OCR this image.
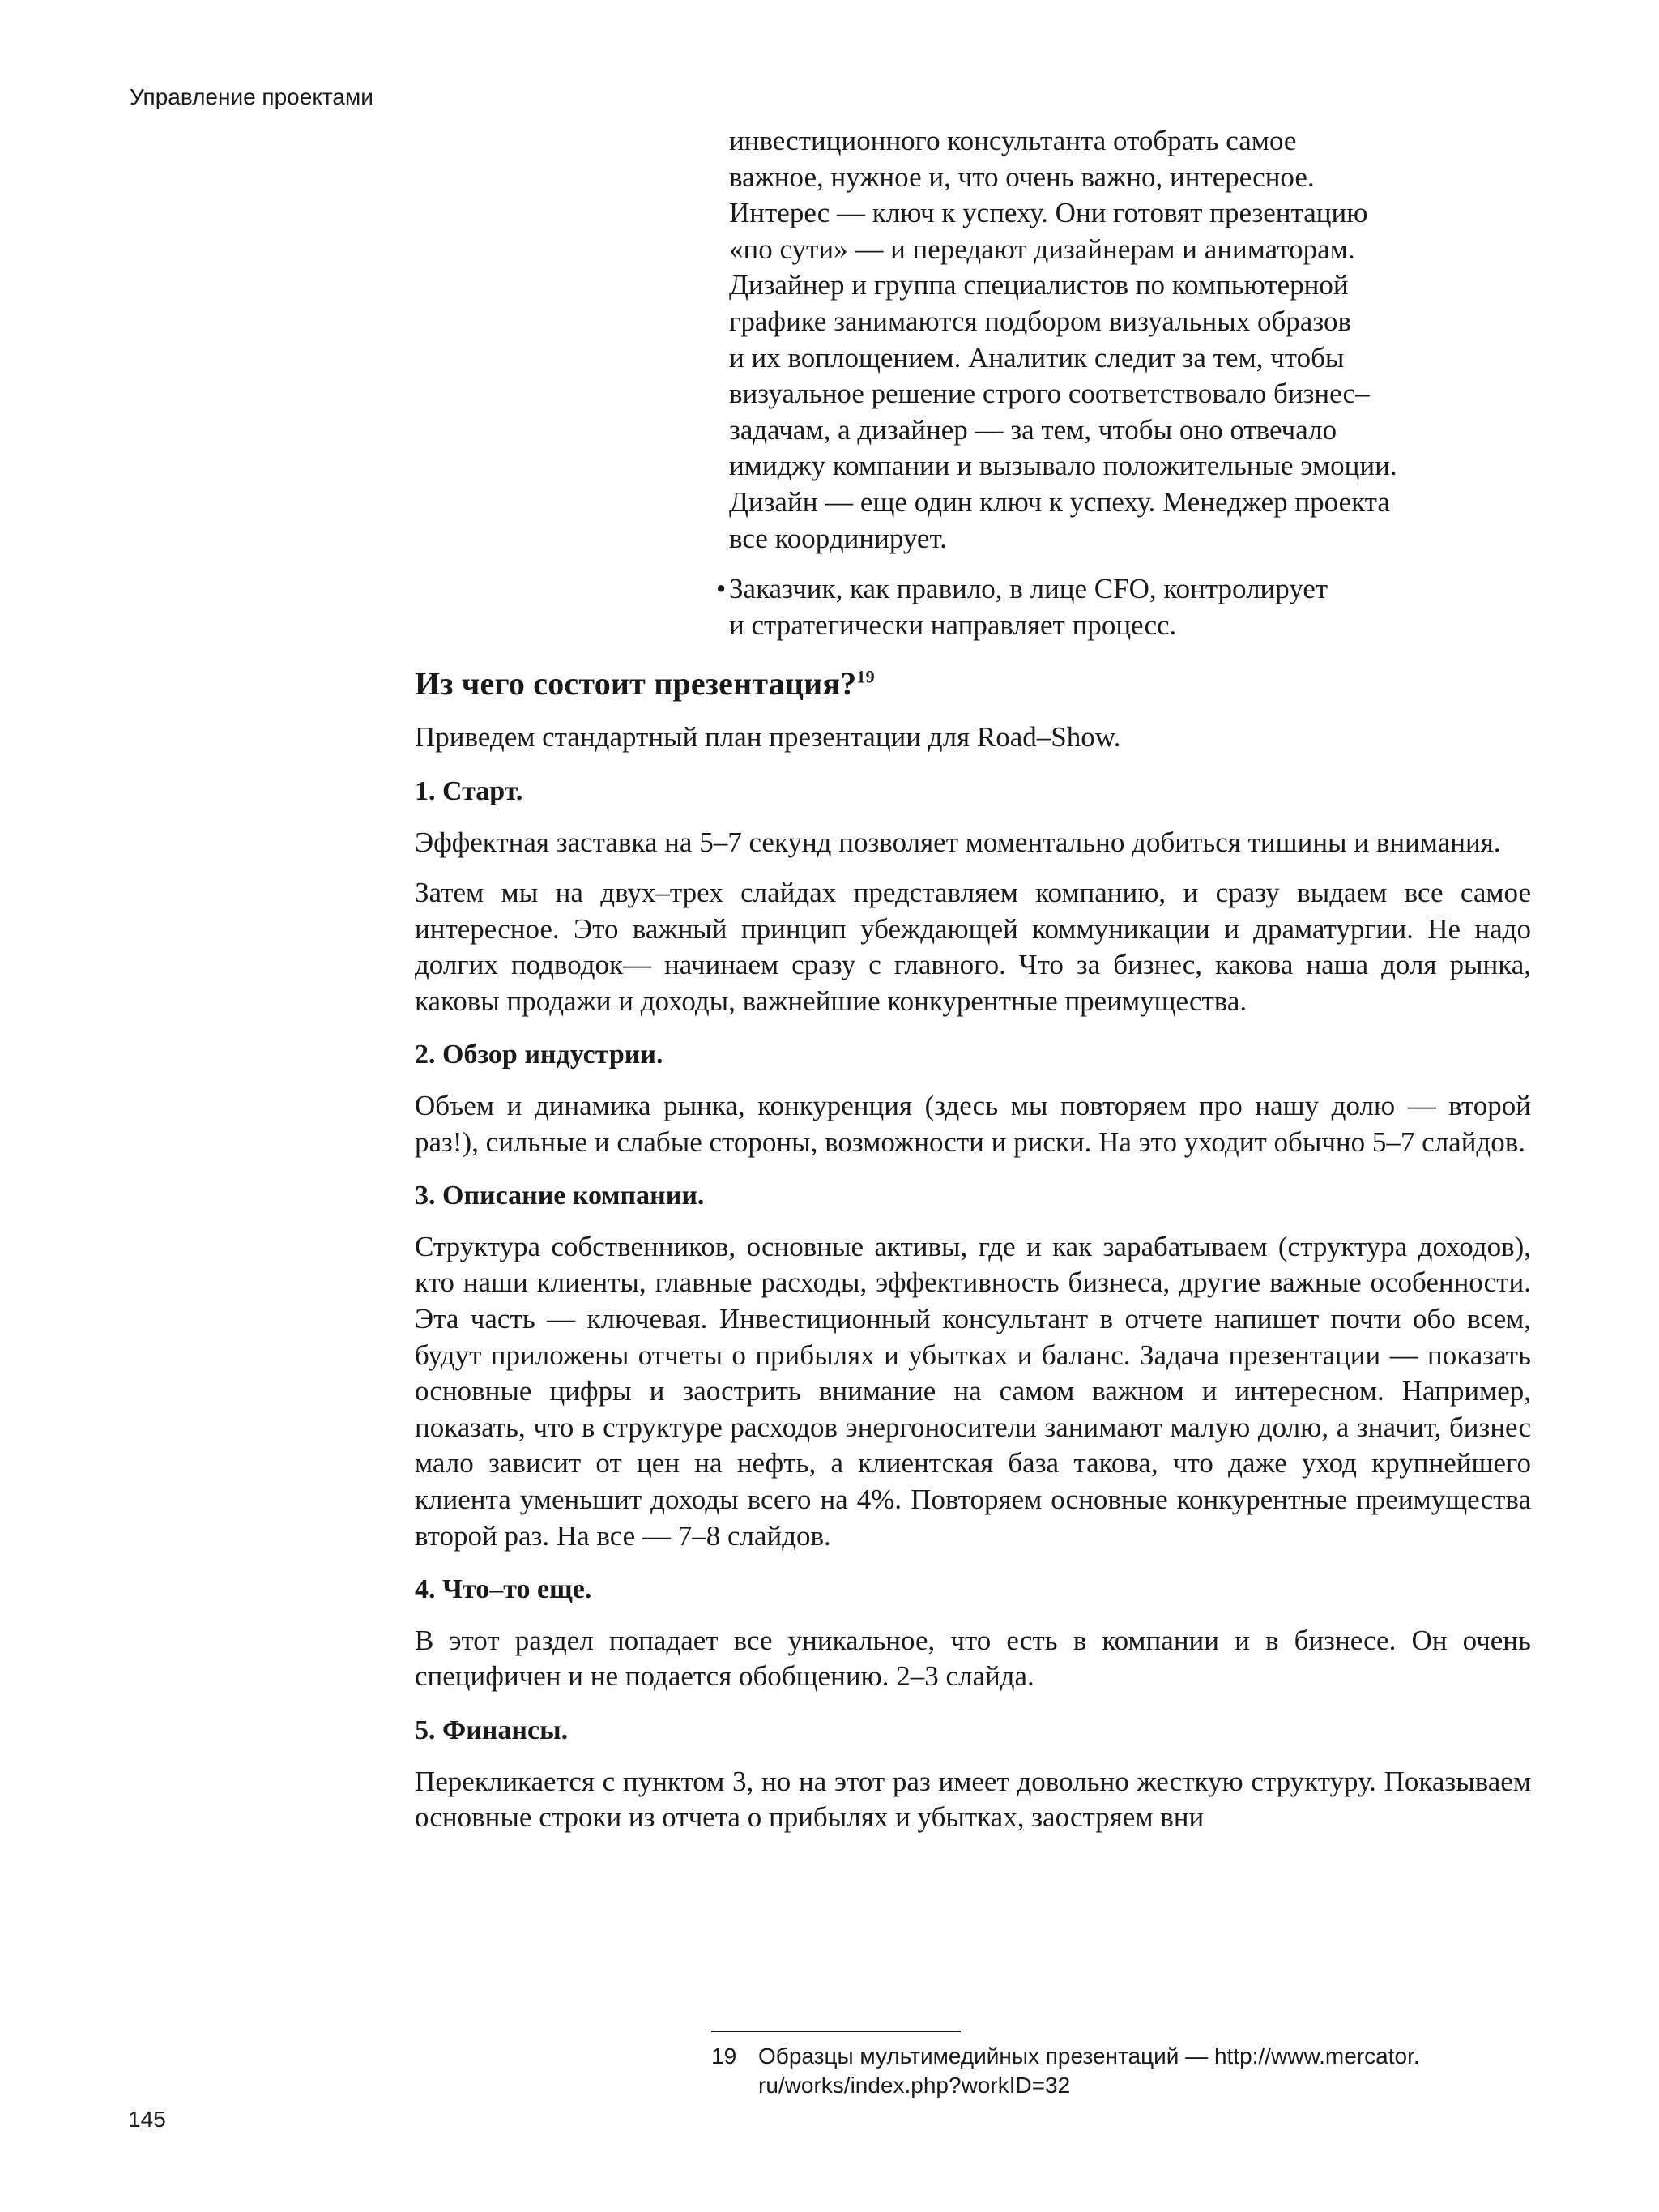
Управление проектами

инвестиционного консультанта отобрать самое

важное, нужное и, что очень важно, интересное.

Интерес — ключ к успеху. Они готовят презентацию

«по сути» — и передают дизайнерам и аниматорам.

Дизайнер и группа специалистов по компьютерной

графике занимаются подбором визуальных образов

и их воплощением. Аналитик следит за тем, чтобы

визуальное решение строго соответствовало бизнес–

задачам, а дизайнер — за тем, чтобы оно отвечало

имиджу компании и вызывало положительные эмоции.

Дизайн — еще один ключ к успеху. Менеджер проекта

все координирует.

• Заказчик, как правило, в лице CFO, контролирует
и стратегически направляет процесс.
Из чего состоит презентация?$^{19}$

Приведем стандартный план презентации для Road–Show.

1. Старт.

Эффектная заставка на 5–7 секунд позволяет моментально добиться тишины и внимания.

Затем мы на двух–трех слайдах представляем компанию, и сразу выдаем все самое интересное. Это важный принцип убеждающей коммуникации и драматургии. Не надо долгих подводок— начинаем сразу с главного. Что за бизнес, какова наша доля рынка, каковы продажи и доходы, важнейшие конкурентные преимущества.

2. Обзор индустрии.

Объем и динамика рынка, конкуренция (здесь мы повторяем про нашу долю — второй раз!), сильные и слабые стороны, возможности и риски. На это уходит обычно 5–7 слайдов.

3. Описание компании.

Структура собственников, основные активы, где и как зарабатываем (структура доходов), кто наши клиенты, главные расходы, эффективность бизнеса, другие важные особенности. Эта часть — ключевая. Инвестиционный консультант в отчете напишет почти обо всем, будут приложены отчеты о прибылях и убытках и баланс. Задача презентации — показать основные цифры и заострить внимание на самом важном и интересном. Например, показать, что в структуре расходов энергоносители занимают малую долю, а значит, бизнес мало зависит от цен на нефть, а клиентская база такова, что даже уход крупнейшего клиента уменьшит доходы всего на 4%. Повторяем основные конкурентные преимущества второй раз. На все — 7–8 слайдов.

4. Что–то еще.

В этот раздел попадает все уникальное, что есть в компании и в бизнесе. Он очень специфичен и не подается обобщению. 2–3 слайда.

5. Финансы.

Перекликается с пунктом 3, но на этот раз имеет довольно жесткую структуру. Показываем основные строки из отчета о прибылях и убытках, заостряем вни

19 Образцы мультимедийных презентаций — http://www.mercator.
ru/works/index.php?workID=32
145
